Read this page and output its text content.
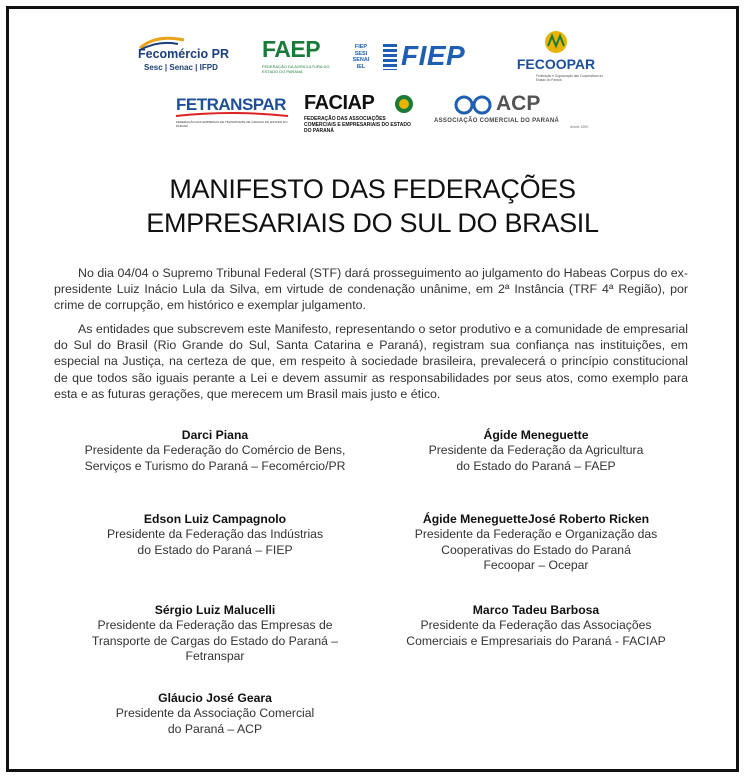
Fecomércio PR
Sesc | Senac | IFPD
FAEP
FEDERAÇÃO DA AGRICULTURA DO ESTADO DO PARANÁ
FIEP
SESI
SENAI
IEL	FIEP	FECOOPAR
Federação e Organização das Cooperativas do Estado do Paraná
FETRANSPAR
FEDERAÇÃO DAS EMPRESAS DE TRANSPORTE DE CARGAS DO ESTADO DO PARANÁ
FACIAP
FEDERAÇÃO DAS ASSOCIAÇÕES COMERCIAIS E EMPRESARIAIS DO ESTADO DO PARANÁ
ACP
ASSOCIAÇÃO COMERCIAL DO PARANÁ
desde 1890
MANIFESTO DAS FEDERAÇÕES
EMPRESARIAIS DO SUL DO BRASIL

No dia 04/04 o Supremo Tribunal Federal (STF) dará prosseguimento ao julgamento do Habeas Corpus do ex-presidente Luiz Inácio Lula da Silva, em virtude de condenação unânime, em 2ª Instância (TRF 4ª Região), por crime de corrupção, em histórico e exemplar julgamento.

As entidades que subscrevem este Manifesto, representando o setor produtivo e a comunidade de empresarial do Sul do Brasil (Rio Grande do Sul, Santa Catarina e Paraná), registram sua confiança nas instituições, em especial na Justiça, na certeza de que, em respeito à sociedade brasileira, prevalecerá o princípio constitucional de que todos são iguais perante a Lei e devem assumir as responsabilidades por seus atos, como exemplo para esta e as futuras gerações, que merecem um Brasil mais justo e ético.

Darci Piana
Presidente da Federação do Comércio de Bens,
Serviços e Turismo do Paraná – Fecomércio/PR
Ágide Meneguette
Presidente da Federação da Agricultura
do Estado do Paraná – FAEP
Edson Luiz Campagnolo
Presidente da Federação das Indústrias
do Estado do Paraná – FIEP
Ágide MeneguetteJosé Roberto Ricken
Presidente da Federação e Organização das
Cooperativas do Estado do Paraná
Fecoopar – Ocepar
Sérgio Luiz Malucelli
Presidente da Federação das Empresas de
Transporte de Cargas do Estado do Paraná –
Fetranspar
Marco Tadeu Barbosa
Presidente da Federação das Associações
Comerciais e Empresariais do Paraná - FACIAP
Gláucio José Geara
Presidente da Associação Comercial
do Paraná – ACP
